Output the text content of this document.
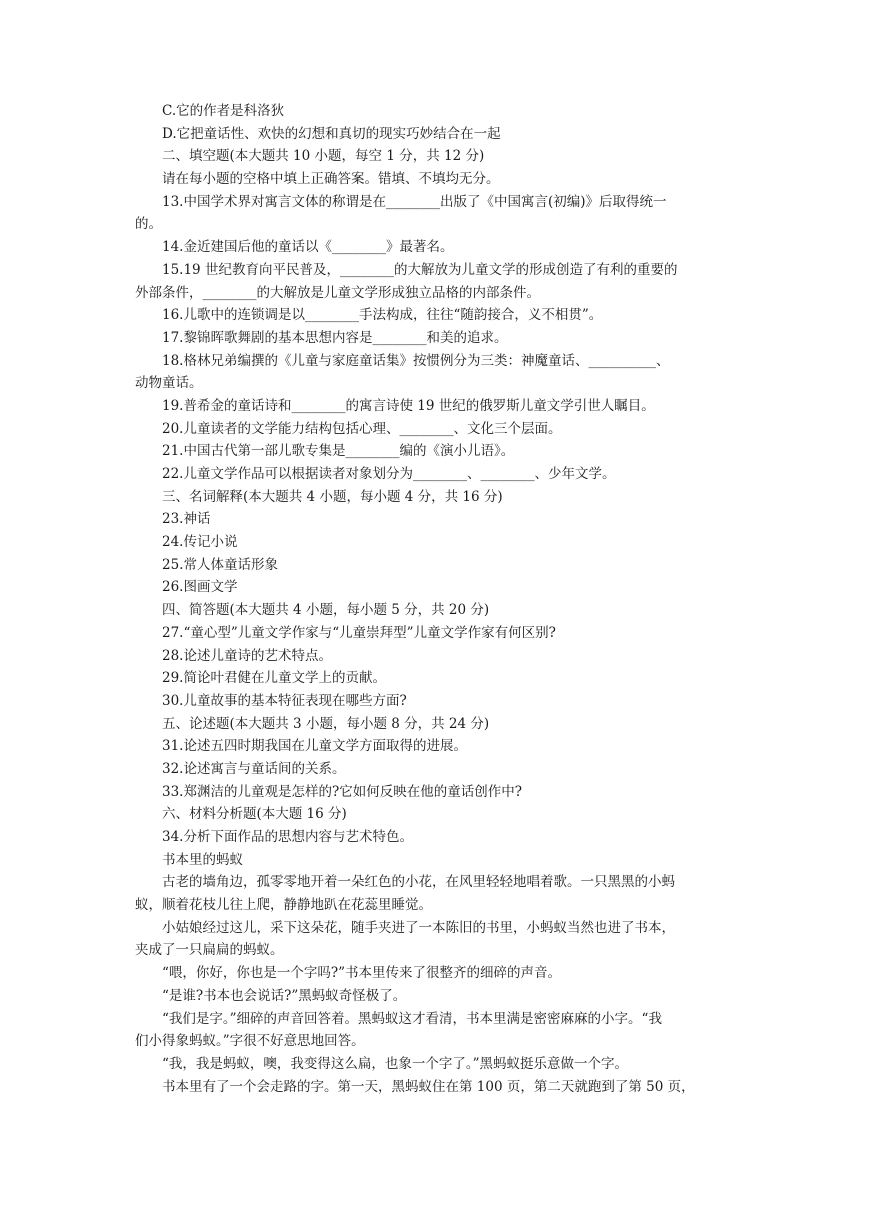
C.它的作者是科洛狄
D.它把童话性、欢快的幻想和真切的现实巧妙结合在一起
二、填空题(本大题共 10 小题，每空 1 分，共 12 分)
请在每小题的空格中填上正确答案。错填、不填均无分。
13.中国学术界对寓言文体的称谓是在________出版了《中国寓言(初编)》后取得统一
的。
14.金近建国后他的童话以《________》最著名。
15.19 世纪教育向平民普及，________的大解放为儿童文学的形成创造了有利的重要的
外部条件，________的大解放是儿童文学形成独立品格的内部条件。
16.儿歌中的连锁调是以________手法构成，往往“随韵接合，义不相贯”。
17.黎锦晖歌舞剧的基本思想内容是________和美的追求。
18.格林兄弟编撰的《儿童与家庭童话集》按惯例分为三类：神魔童话、__________、
动物童话。
19.普希金的童话诗和________的寓言诗使 19 世纪的俄罗斯儿童文学引世人瞩目。
20.儿童读者的文学能力结构包括心理、________、文化三个层面。
21.中国古代第一部儿歌专集是________编的《演小儿语》。
22.儿童文学作品可以根据读者对象划分为________、________、少年文学。
三、名词解释(本大题共 4 小题，每小题 4 分，共 16 分)
23.神话
24.传记小说
25.常人体童话形象
26.图画文学
四、简答题(本大题共 4 小题，每小题 5 分，共 20 分)
27.“童心型”儿童文学作家与“儿童崇拜型”儿童文学作家有何区别?
28.论述儿童诗的艺术特点。
29.简论叶君健在儿童文学上的贡献。
30.儿童故事的基本特征表现在哪些方面?
五、论述题(本大题共 3 小题，每小题 8 分，共 24 分)
31.论述五四时期我国在儿童文学方面取得的进展。
32.论述寓言与童话间的关系。
33.郑渊洁的儿童观是怎样的?它如何反映在他的童话创作中?
六、材料分析题(本大题 16 分)
34.分析下面作品的思想内容与艺术特色。
书本里的蚂蚁
古老的墙角边，孤零零地开着一朵红色的小花，在风里轻轻地唱着歌。一只黑黑的小蚂
蚁，顺着花枝儿往上爬，静静地趴在花蕊里睡觉。
小姑娘经过这儿，采下这朵花，随手夹进了一本陈旧的书里，小蚂蚁当然也进了书本，
夹成了一只扁扁的蚂蚁。
“喂，你好，你也是一个字吗?”书本里传来了很整齐的细碎的声音。
“是谁?书本也会说话?”黑蚂蚁奇怪极了。
“我们是字。”细碎的声音回答着。黑蚂蚁这才看清，书本里满是密密麻麻的小字。“我
们小得象蚂蚁。”字很不好意思地回答。
“我，我是蚂蚁，噢，我变得这么扁，也象一个字了。”黑蚂蚁挺乐意做一个字。
书本里有了一个会走路的字。第一天，黑蚂蚁住在第 100 页，第二天就跑到了第 50 页，
